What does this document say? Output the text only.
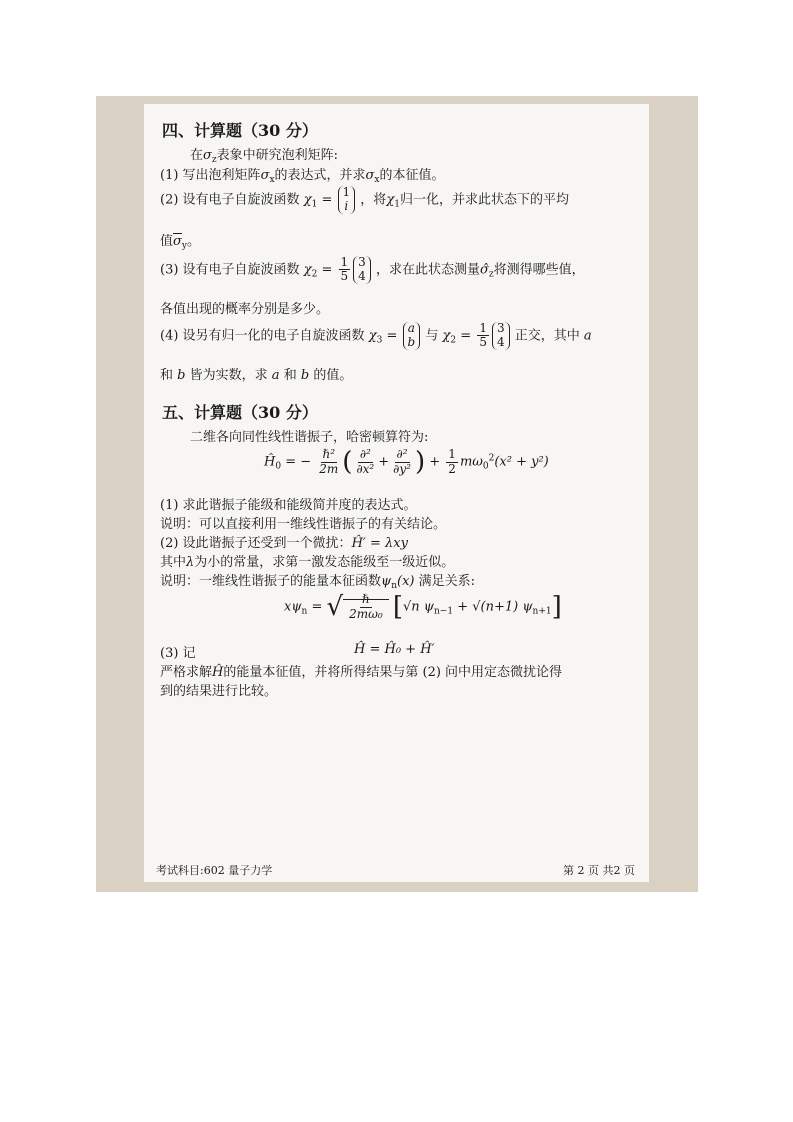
四、计算题（30 分）
在$\sigma_z$表象中研究泡利矩阵:
(1) 写出泡利矩阵$\sigma_x$的表达式，并求$\sigma_x$的本征值。
(2) 设有电子自旋波函数 $\chi_1$ =
1
i ，将$\chi_1$归一化，并求此状态下的平均
值$\overline{\sigma}_y$。
(3) 设有电子自旋波函数 $\chi_2 = \frac{1}{5} 3$
4 ，求在此状态测量$\sigmâ_z$将测得哪些值，
各值出现的概率分别是多少。
(4) 设另有归一化的电子自旋波函数 $\chi_3$ =
a
b 与 $\chi_2 = \frac{1}{5} 3$
4 正交，其中 a
和 b 皆为实数，求 a 和 b 的值。
五、计算题（30 分）
二维各向同性线性谐振子，哈密顿算符为:
$Ĥ_0$ = − $\frac{\text{ℏ²}}{2m}$ ( $\frac{\text{∂²}}{\text{∂x²}} + \frac{\text{∂²}}{\text{∂y²}}$ ) + $\frac{1}{2} m\omega_0^2(x^2 + y^2)$
(1) 求此谐振子能级和能级简并度的表达式。
说明：可以直接利用一维线性谐振子的有关结论。
(2) 设此谐振子还受到一个微扰：Ĥ′ = λxy
其中λ为小的常量，求第一激发态能级至一级近似。
说明：一维线性谐振子的能量本征函数$\psi_n(x)$ 满足关系:
$x\psi_n$ = √ $\frac{\text{ℏ}}{\text{2mω₀}} [√n$ $\psi_{n-1} + √(n+1)$ $\psi_{n+1}$]
(3) 记	Ĥ = Ĥ₀ + Ĥ′
严格求解Ĥ的能量本征值，并将所得结果与第 (2) 问中用定态微扰论得
到的结果进行比较。
考试科目:602 量子力学	第 2 页 共2 页
